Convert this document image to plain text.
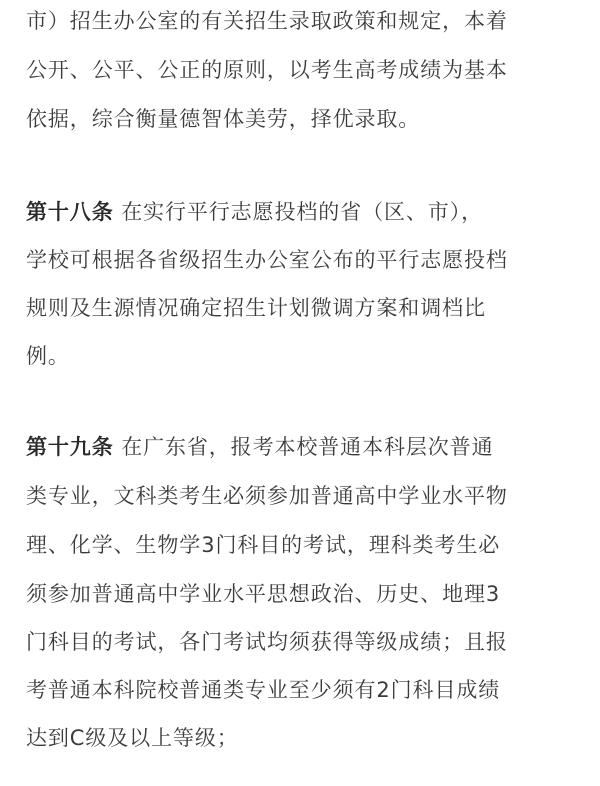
市）招生办公室的有关招生录取政策和规定，本着
公开、公平、公正的原则，以考生高考成绩为基本
依据，综合衡量德智体美劳，择优录取。
第十八条 在实行平行志愿投档的省（区、市），
学校可根据各省级招生办公室公布的平行志愿投档
规则及生源情况确定招生计划微调方案和调档比
例。
第十九条 在广东省，报考本校普通本科层次普通
类专业，文科类考生必须参加普通高中学业水平物
理、化学、生物学3门科目的考试，理科类考生必
须参加普通高中学业水平思想政治、历史、地理3
门科目的考试，各门考试均须获得等级成绩；且报
考普通本科院校普通类专业至少须有2门科目成绩
达到C级及以上等级；
